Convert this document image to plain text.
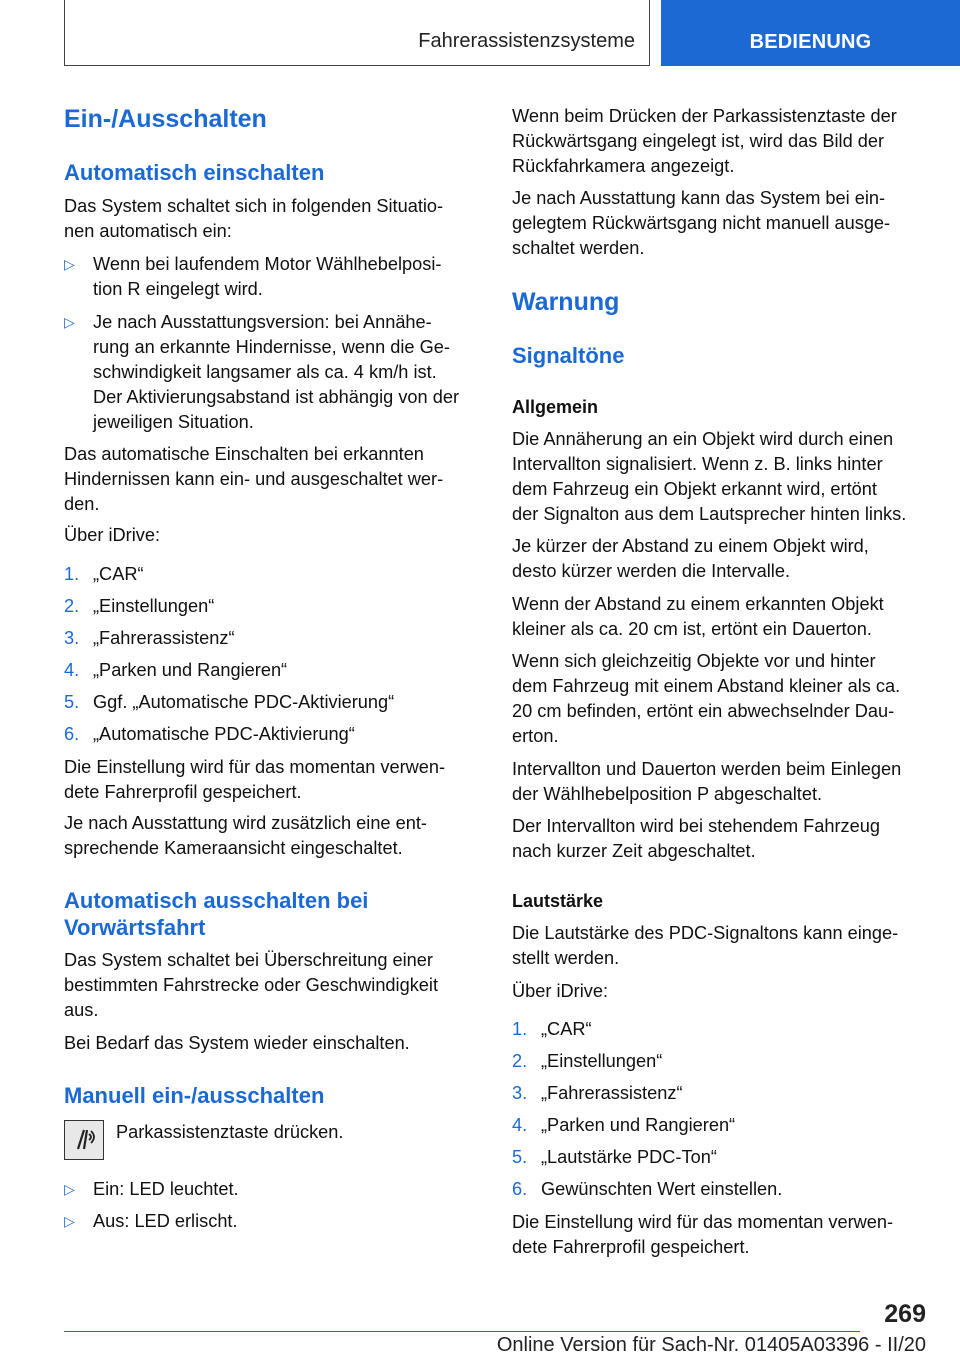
Fahrerassistenzsysteme	BEDIENUNG
Ein-/Ausschalten
Automatisch einschalten

Das System schaltet sich in folgenden Situatio-
nen automatisch ein:

▷ Wenn bei laufendem Motor Wählhebelposi-
tion R eingelegt wird.
▷ Je nach Ausstattungsversion: bei Annähe-
rung an erkannte Hindernisse, wenn die Ge-
schwindigkeit langsamer als ca. 4 km/h ist.
Der Aktivierungsabstand ist abhängig von der
jeweiligen Situation.

Das automatische Einschalten bei erkannten
Hindernissen kann ein- und ausgeschaltet wer-
den.

Über iDrive:

1. „CAR“
2. „Einstellungen“
3. „Fahrerassistenz“
4. „Parken und Rangieren“
5. Ggf. „Automatische PDC-Aktivierung“
6. „Automatische PDC-Aktivierung“

Die Einstellung wird für das momentan verwen-
dete Fahrerprofil gespeichert.

Je nach Ausstattung wird zusätzlich eine ent-
sprechende Kameraansicht eingeschaltet.

Automatisch ausschalten bei
Vorwärtsfahrt

Das System schaltet bei Überschreitung einer
bestimmten Fahrstrecke oder Geschwindigkeit
aus.

Bei Bedarf das System wieder einschalten.

Manuell ein-/ausschalten

Parkassistenztaste drücken.

▷ Ein: LED leuchtet.
▷ Aus: LED erlischt.

Wenn beim Drücken der Parkassistenztaste der
Rückwärtsgang eingelegt ist, wird das Bild der
Rückfahrkamera angezeigt.

Je nach Ausstattung kann das System bei ein-
gelegtem Rückwärtsgang nicht manuell ausge-
schaltet werden.

Warnung
Signaltöne
Allgemein

Die Annäherung an ein Objekt wird durch einen
Intervallton signalisiert. Wenn z. B. links hinter
dem Fahrzeug ein Objekt erkannt wird, ertönt
der Signalton aus dem Lautsprecher hinten links.

Je kürzer der Abstand zu einem Objekt wird,
desto kürzer werden die Intervalle.

Wenn der Abstand zu einem erkannten Objekt
kleiner als ca. 20 cm ist, ertönt ein Dauerton.

Wenn sich gleichzeitig Objekte vor und hinter
dem Fahrzeug mit einem Abstand kleiner als ca.
20 cm befinden, ertönt ein abwechselnder Dau-
erton.

Intervallton und Dauerton werden beim Einlegen
der Wählhebelposition P abgeschaltet.

Der Intervallton wird bei stehendem Fahrzeug
nach kurzer Zeit abgeschaltet.

Lautstärke

Die Lautstärke des PDC-Signaltons kann einge-
stellt werden.

Über iDrive:

1. „CAR“
2. „Einstellungen“
3. „Fahrerassistenz“
4. „Parken und Rangieren“
5. „Lautstärke PDC-Ton“
6. Gewünschten Wert einstellen.

Die Einstellung wird für das momentan verwen-
dete Fahrerprofil gespeichert.

269
Online Version für Sach-Nr. 01405A03396 - II/20
